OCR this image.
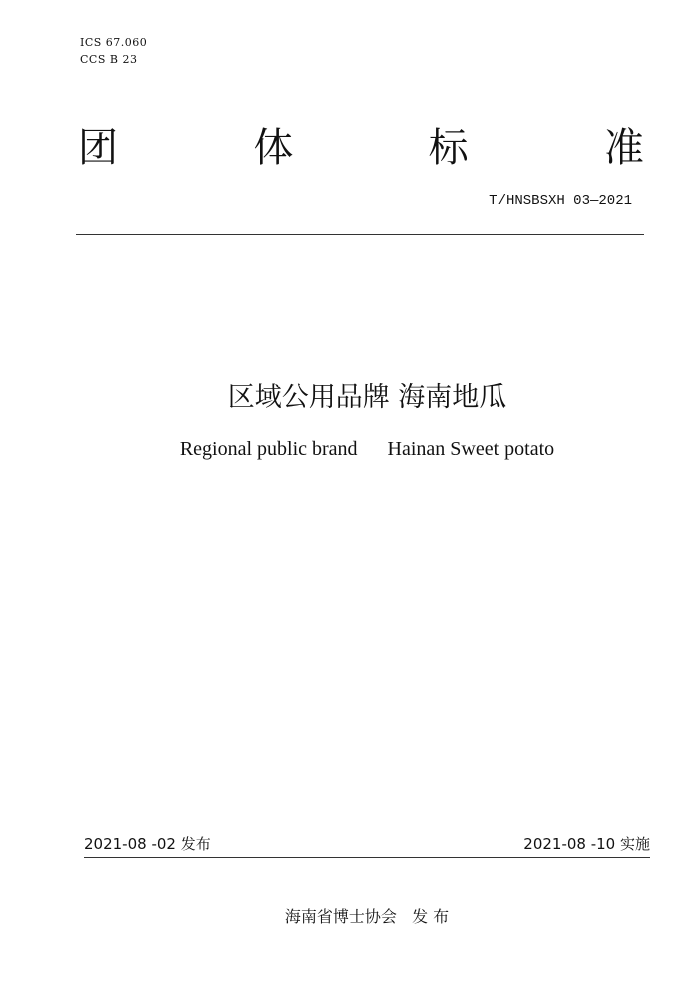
ICS 67.060
CCS B 23
团	体	标	准
T/HNSBSXH 03—2021
区域公用品牌 海南地瓜
Regional public brand      Hainan Sweet potato
2021-08 -02 发布	2021-08 -10 实施
海南省博士协会   发 布
